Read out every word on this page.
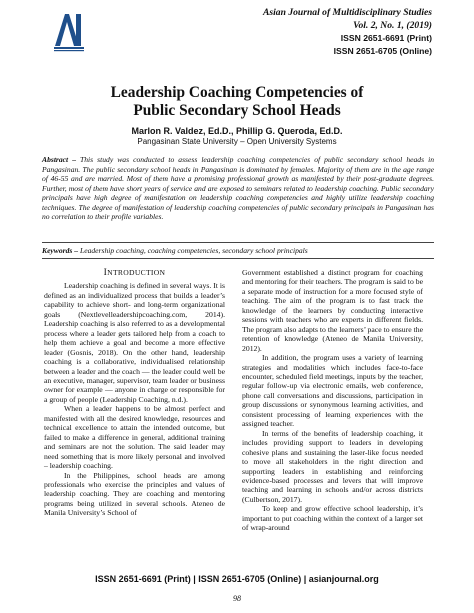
Asian Journal of Multidisciplinary Studies
Vol. 2, No. 1, (2019)
ISSN 2651-6691 (Print)
ISSN 2651-6705 (Online)
Leadership Coaching Competencies of
Public Secondary School Heads
Marlon R. Valdez, Ed.D., Phillip G. Queroda, Ed.D.
Pangasinan State University – Open University Systems

Abstract – This study was conducted to assess leadership coaching competencies of public secondary school heads in Pangasinan. The public secondary school heads in Pangasinan is dominated by females. Majority of them are in the age range of 46-55 and are married. Most of them have a promising professional growth as manifested by their post-graduate degrees. Further, most of them have short years of service and are exposed to seminars related to leadership coaching. Public secondary principals have high degree of manifestation on leadership coaching competencies and highly utilize leadership coaching techniques. The degree of manifestation of leadership coaching competencies of public secondary principals in Pangasinan has no correlation to their profile variables.

Keywords – Leadership coaching, coaching competencies, secondary school principals

INTRODUCTION

Leadership coaching is defined in several ways. It is defined as an individualized process that builds a leader’s capability to achieve short- and long-term organizational goals (Nextlevelleadershipcoaching.com, 2014). Leadership coaching is also referred to as a developmental process where a leader gets tailored help from a coach to help them achieve a goal and become a more effective leader (Gosnis, 2018). On the other hand, leadership coaching is a collaborative, individualised relationship between a leader and the coach — the leader could well be an executive, manager, supervisor, team leader or business owner for example — anyone in charge or responsible for a group of people (Leadership Coaching, n.d.).

When a leader happens to be almost perfect and manifested with all the desired knowledge, resources and technical excellence to attain the intended outcome, but failed to make a difference in general, additional training and seminars are not the solution. The said leader may need something that is more likely personal and involved – leadership coaching.

In the Philippines, school heads are among professionals who exercise the principles and values of leadership coaching. They are coaching and mentoring programs being utilized in several schools. Ateneo de Manila University’s School of

Government established a distinct program for coaching and mentoring for their teachers. The program is said to be a separate mode of instruction for a more focused style of teaching. The aim of the program is to fast track the knowledge of the learners by conducting interactive sessions with teachers who are experts in different fields. The program also adapts to the learners’ pace to ensure the retention of knowledge (Ateneo de Manila University, 2012).

In addition, the program uses a variety of learning strategies and modalities which includes face-to-face encounter, scheduled field meetings, inputs by the teacher, regular follow-up via electronic emails, web conference, phone call conversations and discussions, participation in group discussions or synonymous learning activities, and consistent processing of learning experiences with the assigned teacher.

In terms of the benefits of leadership coaching, it includes providing support to leaders in developing cohesive plans and sustaining the laser-like focus needed to move all stakeholders in the right direction and supporting leaders in establishing and reinforcing evidence-based processes and levers that will improve teaching and learning in schools and/or across districts (Culbertson, 2017).

To keep and grow effective school leadership, it’s important to put coaching within the context of a larger set of wrap-around

ISSN 2651-6691 (Print) | ISSN 2651-6705 (Online) | asianjournal.org
98
